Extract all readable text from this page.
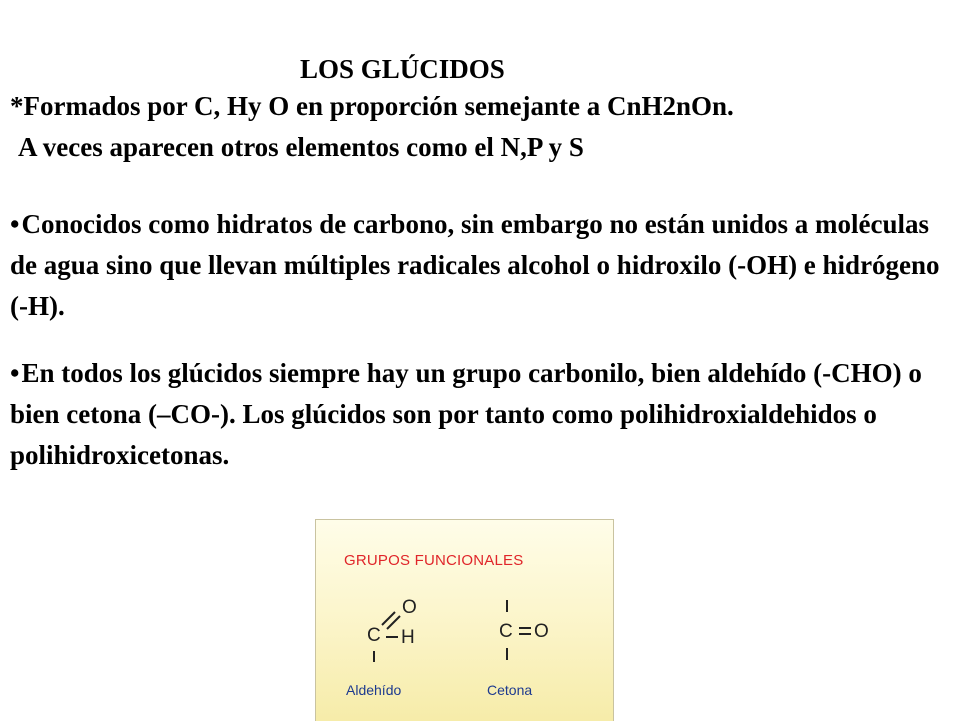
LOS GLÚCIDOS
*Formados por C, Hy O en proporción semejante a CnH2nOn.
A veces aparecen otros elementos como el N,P y S
•Conocidos como hidratos de carbono, sin embargo no están unidos a moléculas de agua sino que llevan múltiples radicales alcohol o hidroxilo (-OH) e hidrógeno (-H).
•En todos los glúcidos siempre hay un grupo carbonilo, bien aldehído (-CHO) o bien cetona (–CO-). Los glúcidos son por tanto como polihidroxialdehidos o polihidroxicetonas.
GRUPOS FUNCIONALES
O
C H	C O
Aldehído	Cetona
